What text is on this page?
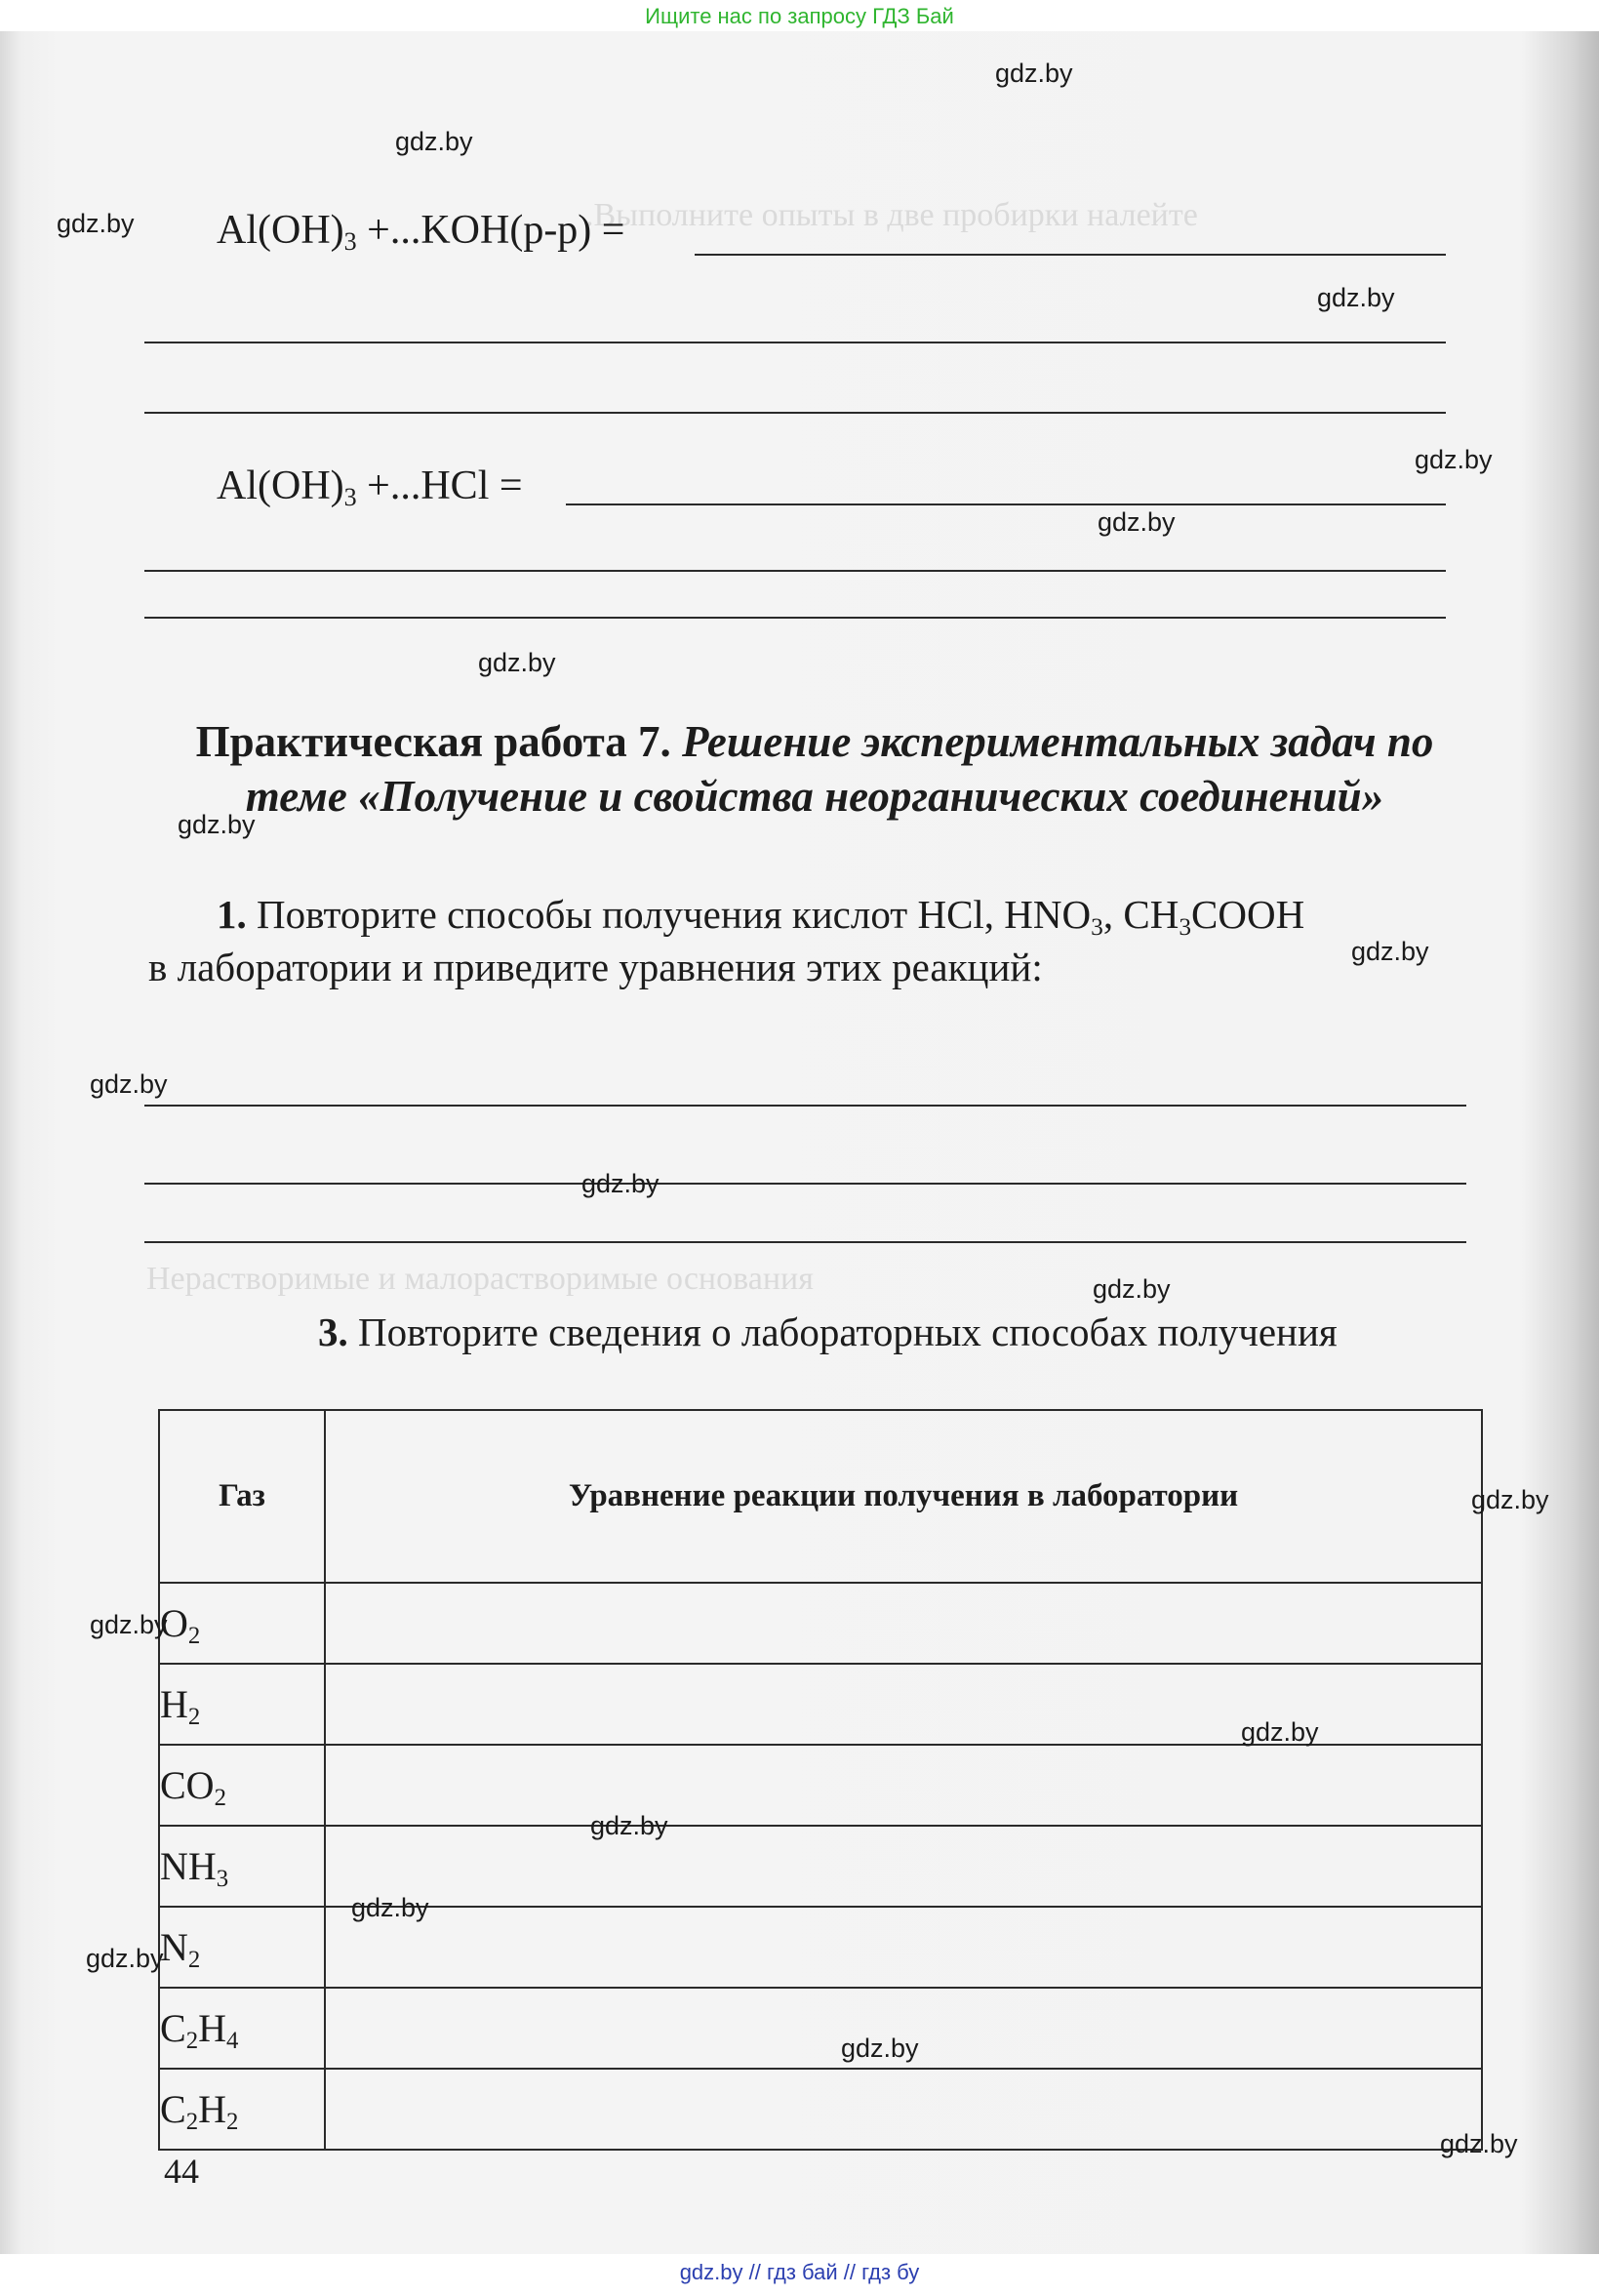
Ищите нас по запросу ГДЗ Бай
.Выполните опыты в две пробирки налейте
Нерастворимые и малорастворимые основания
$Al(OH)_3 +...KOH(р-р)$ =
$Al(OH)_3 +...HCl$ =
Практическая работа 7. Решение экспериментальных задач по теме «Получение и свойства неорганических соединений»
1. Повторите способы получения кислот HCl, $HNO_3$, $CH_3COOH$
в лаборатории и приведите уравнения этих реакций:
3. Повторите сведения о лабораторных способах получения
Газ	Уравнение реакции получения в лаборатории
$O_2$	
$H_2$	
$CO_2$	
$NH_3$	
$N_2$	
$C_2H_4$	
$C_2H_2$	
44
gdz.by
gdz.by
gdz.by
gdz.by
gdz.by
gdz.by
gdz.by
gdz.by
gdz.by
gdz.by
gdz.by
gdz.by
gdz.by
gdz.by
gdz.by
gdz.by
gdz.by
gdz.by
gdz.by
gdz.by
gdz.by // гдз бай // гдз бу
